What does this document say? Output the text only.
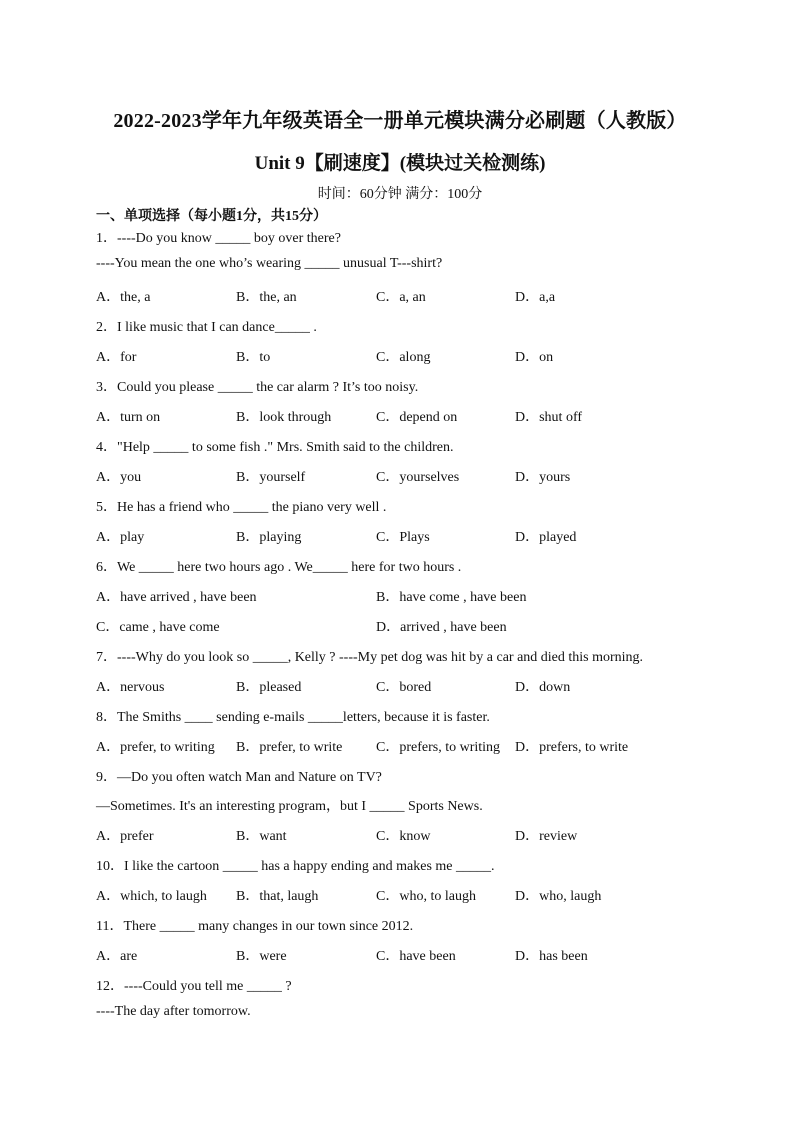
2022-2023学年九年级英语全一册单元模块满分必刷题（人教版）
Unit 9【刷速度】(模块过关检测练)
时间：60分钟 满分：100分
一、单项选择（每小题1分，共15分）
1．----Do you know _____ boy over there?
----You mean the one who’s wearing _____ unusual T---shirt?
A．the, a	B．the, an	C．a, an	D．a,a
2．I like music that I can dance_____ .
A．for	B．to	C．along	D．on
3．Could you please _____ the car alarm ? It’s too noisy.
A．turn on	B．look through	C．depend on	D．shut off
4．"Help _____ to some fish ." Mrs. Smith said to the children.
A．you	B．yourself	C．yourselves	D．yours
5．He has a friend who _____ the piano very well .
A．play	B．playing	C．Plays	D．played
6．We _____ here two hours ago . We_____ here for two hours .
A．have arrived , have been	B．have come , have been
C．came , have come	D．arrived , have been
7．----Why do you look so _____, Kelly ? ----My pet dog was hit by a car and died this morning.
A．nervous	B．pleased	C．bored	D．down
8．The Smiths ____ sending e-mails _____letters, because it is faster.
A．prefer, to writing B．prefer, to write C．prefers, to writing D．prefers, to write
9．—Do you often watch Man and Nature on TV?
—Sometimes. It's an interesting program，but I _____ Sports News.
A．prefer	B．want	C．know	D．review
10．I like the cartoon _____ has a happy ending and makes me _____.
A．which, to laugh B．that, laugh	C．who, to laugh	D．who, laugh
11．There _____ many changes in our town since 2012.
A．are	B．were	C．have been	D．has been
12．----Could you tell me _____ ?
----The day after tomorrow.
